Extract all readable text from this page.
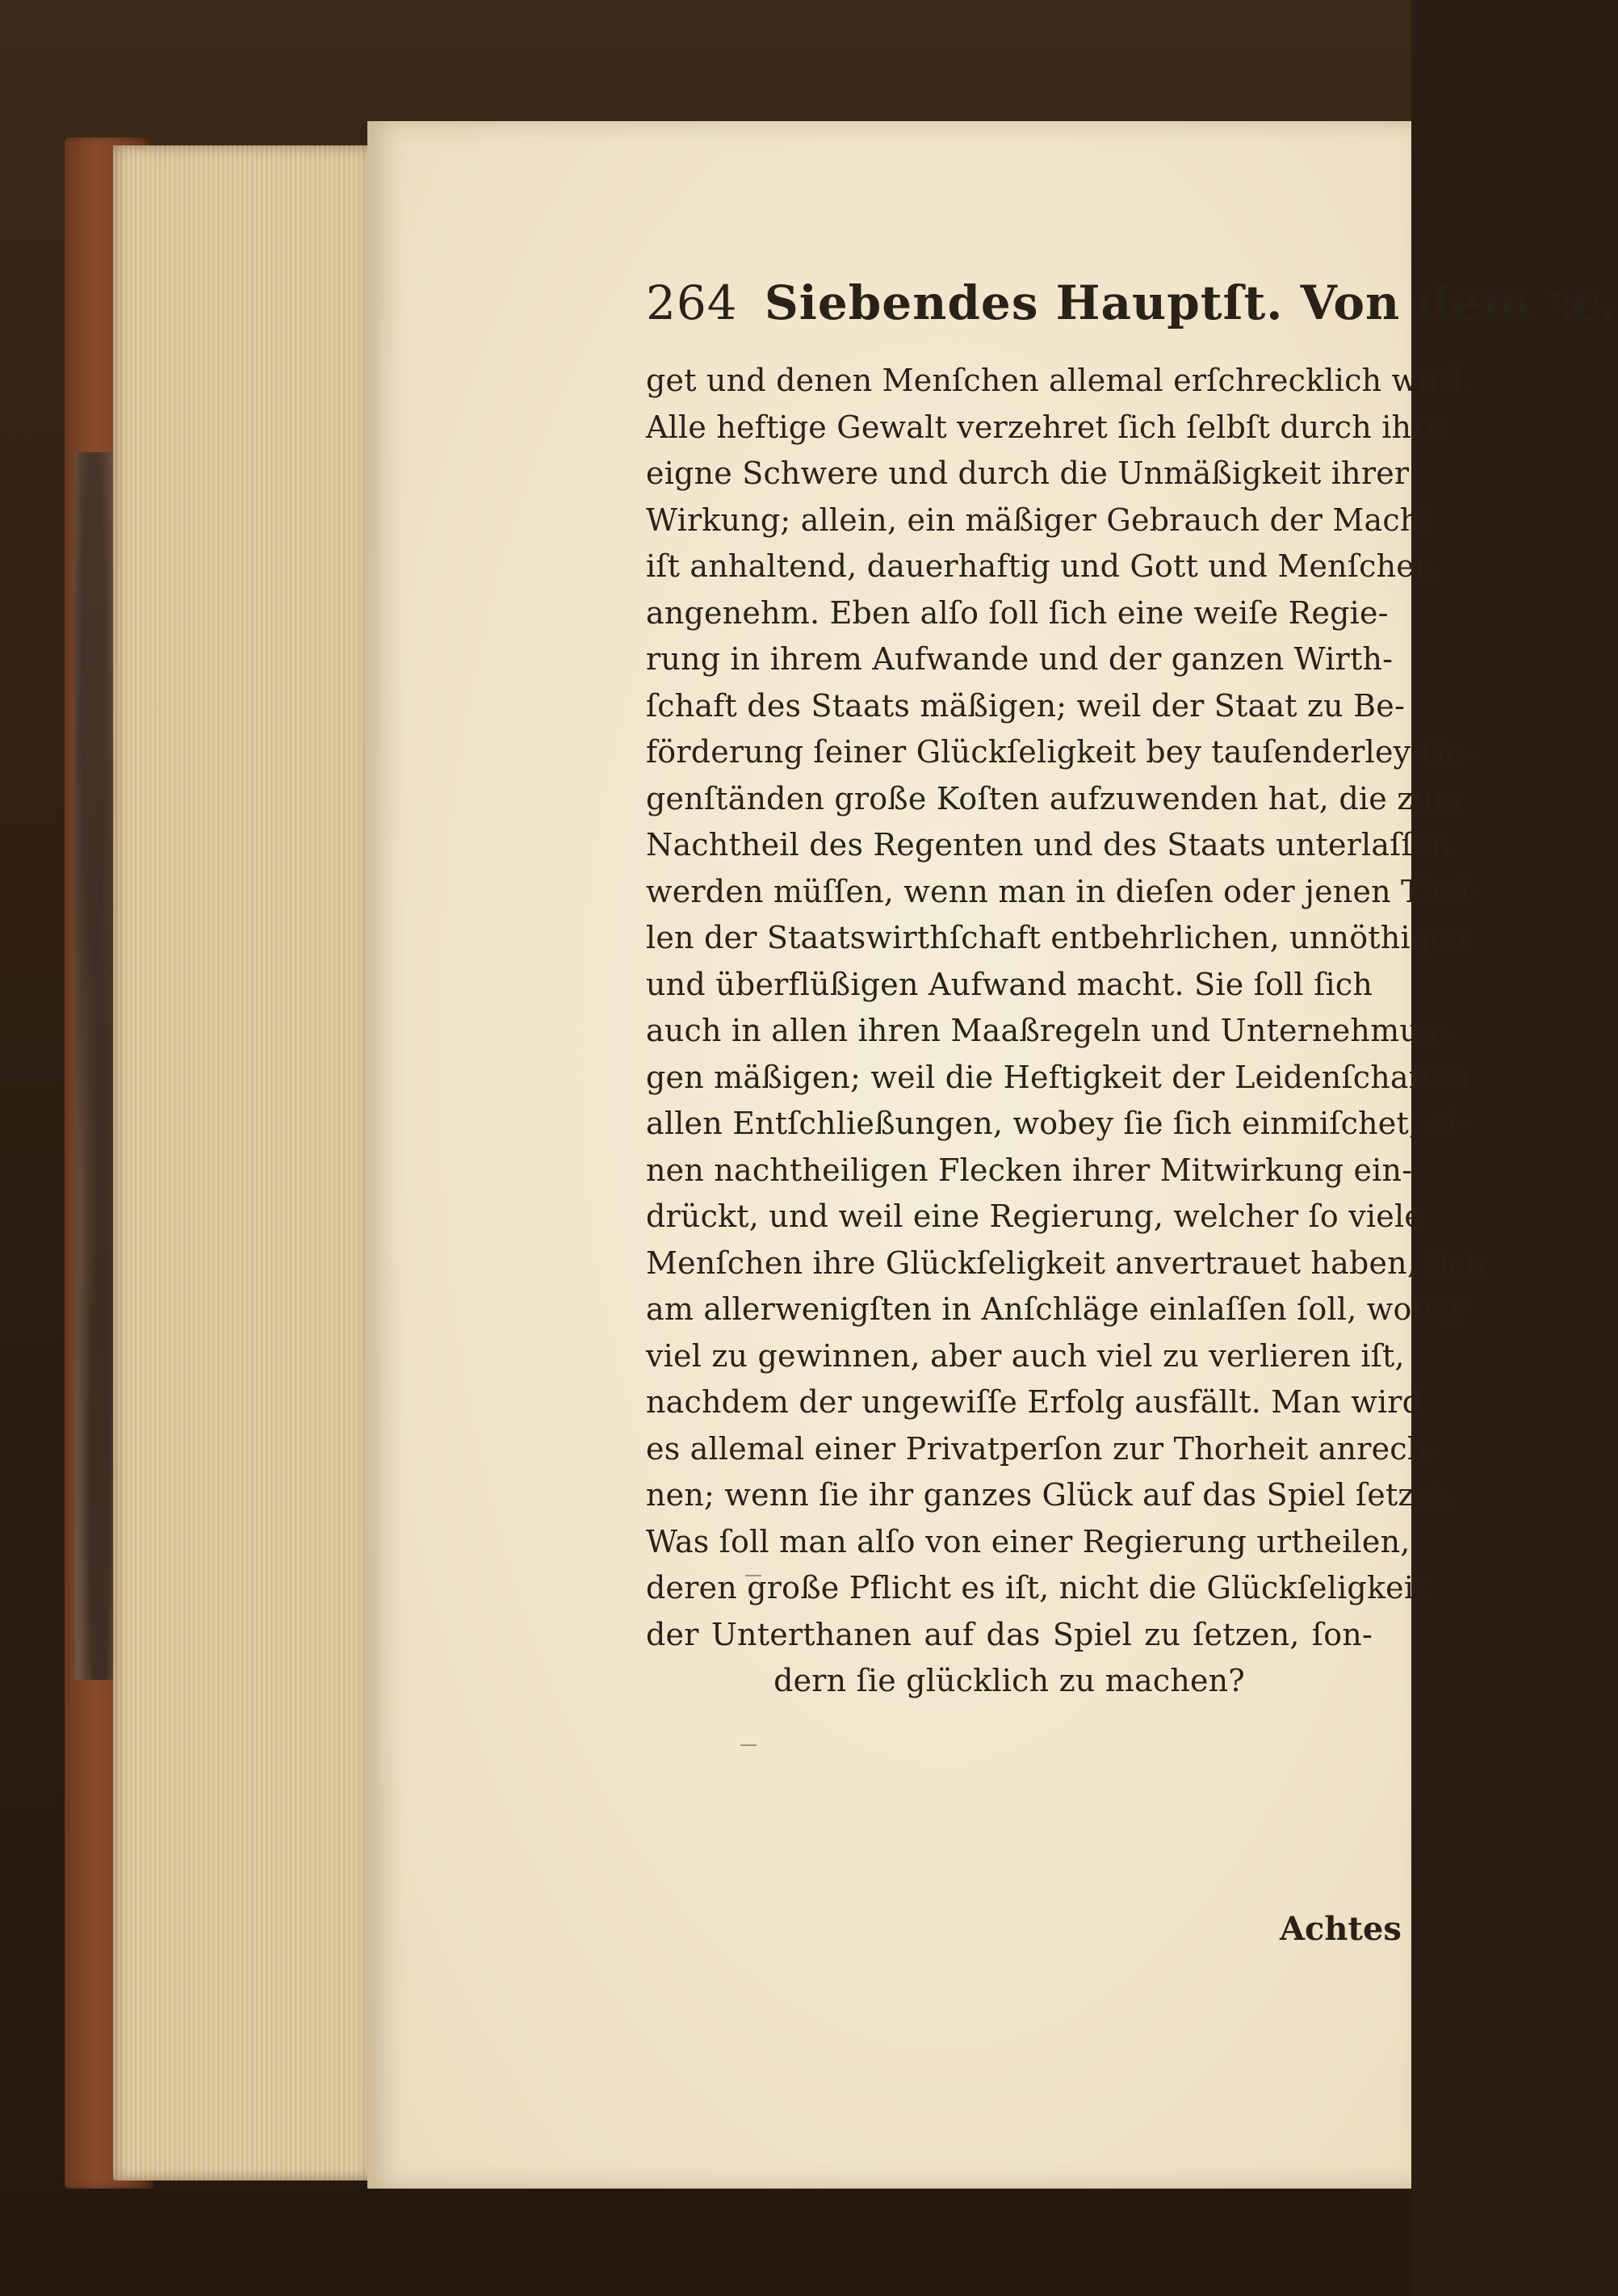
264 Siebendes Hauptſt. Von dem ꝛc.
get und denen Menſchen allemal erſchrecklich wird.
Alle heftige Gewalt verzehret ſich ſelbſt durch ihre
eigne Schwere und durch die Unmäßigkeit ihrer
Wirkung; allein, ein mäßiger Gebrauch der Macht
iſt anhaltend, dauerhaftig und Gott und Menſchen
angenehm. Eben alſo ſoll ſich eine weiſe Regie-
rung in ihrem Aufwande und der ganzen Wirth-
ſchaft des Staats mäßigen; weil der Staat zu Be-
förderung ſeiner Glückſeligkeit bey tauſenderley Ge-
genſtänden große Koſten aufzuwenden hat, die zum
Nachtheil des Regenten und des Staats unterlaſſen
werden müſſen, wenn man in dieſen oder jenen Thei-
len der Staatswirthſchaft entbehrlichen, unnöthigen
und überflüßigen Aufwand macht. Sie ſoll ſich
auch in allen ihren Maaßregeln und Unternehmun-
gen mäßigen; weil die Heftigkeit der Leidenſchaften
allen Entſchließungen, wobey ſie ſich einmiſchet, ei-
nen nachtheiligen Flecken ihrer Mitwirkung ein-
drückt, und weil eine Regierung, welcher ſo viele
Menſchen ihre Glückſeligkeit anvertrauet haben, ſich
am allerwenigſten in Anſchläge einlaſſen ſoll, wobey
viel zu gewinnen, aber auch viel zu verlieren iſt,
nachdem der ungewiſſe Erfolg ausfällt. Man wird
es allemal einer Privatperſon zur Thorheit anrech-
nen; wenn ſie ihr ganzes Glück auf das Spiel ſetzet.
Was ſoll man alſo von einer Regierung urtheilen,
deren große Pflicht es iſt, nicht die Glückſeligkeit
der Unterthanen auf das Spiel zu ſetzen, ſon-
dern ſie glücklich zu machen?
Achtes
